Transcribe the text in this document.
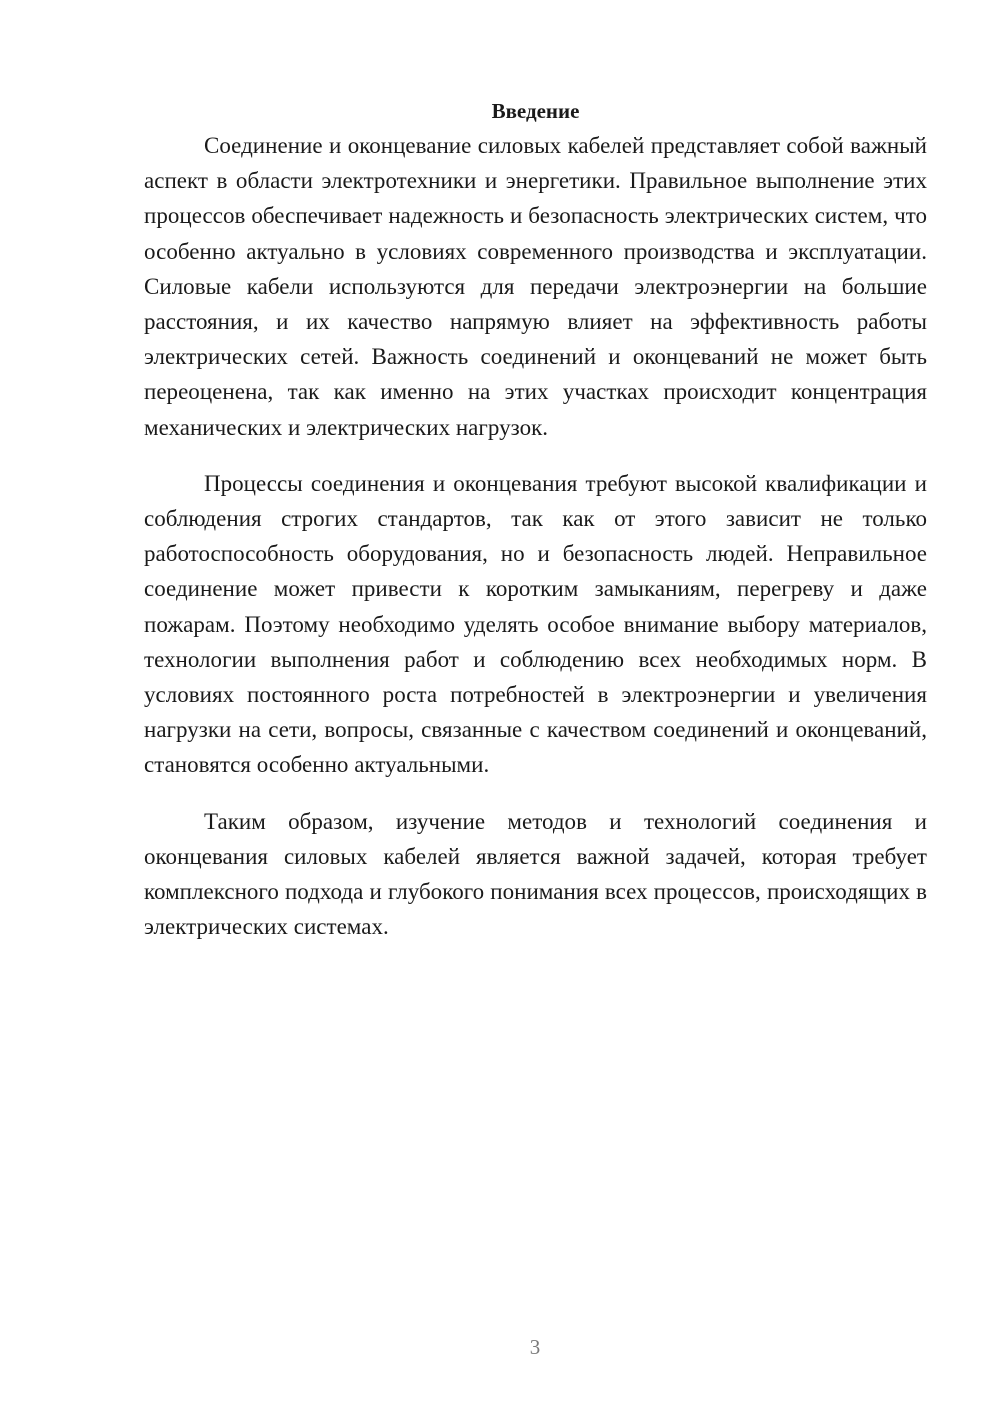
Введение

Соединение и оконцевание силовых кабелей представляет собой важный аспект в области электротехники и энергетики. Правильное выполнение этих процессов обеспечивает надежность и безопасность электрических систем, что особенно актуально в условиях современного производства и эксплуатации. Силовые кабели используются для передачи электроэнергии на большие расстояния, и их качество напрямую влияет на эффективность работы электрических сетей. Важность соединений и оконцеваний не может быть переоценена, так как именно на этих участках происходит концентрация механических и электрических нагрузок.

Процессы соединения и оконцевания требуют высокой квалификации и соблюдения строгих стандартов, так как от этого зависит не только работоспособность оборудования, но и безопасность людей. Неправильное соединение может привести к коротким замыканиям, перегреву и даже пожарам. Поэтому необходимо уделять особое внимание выбору материалов, технологии выполнения работ и соблюдению всех необходимых норм. В условиях постоянного роста потребностей в электроэнергии и увеличения нагрузки на сети, вопросы, связанные с качеством соединений и оконцеваний, становятся особенно актуальными.

Таким образом, изучение методов и технологий соединения и оконцевания силовых кабелей является важной задачей, которая требует комплексного подхода и глубокого понимания всех процессов, происходящих в электрических системах.

3
